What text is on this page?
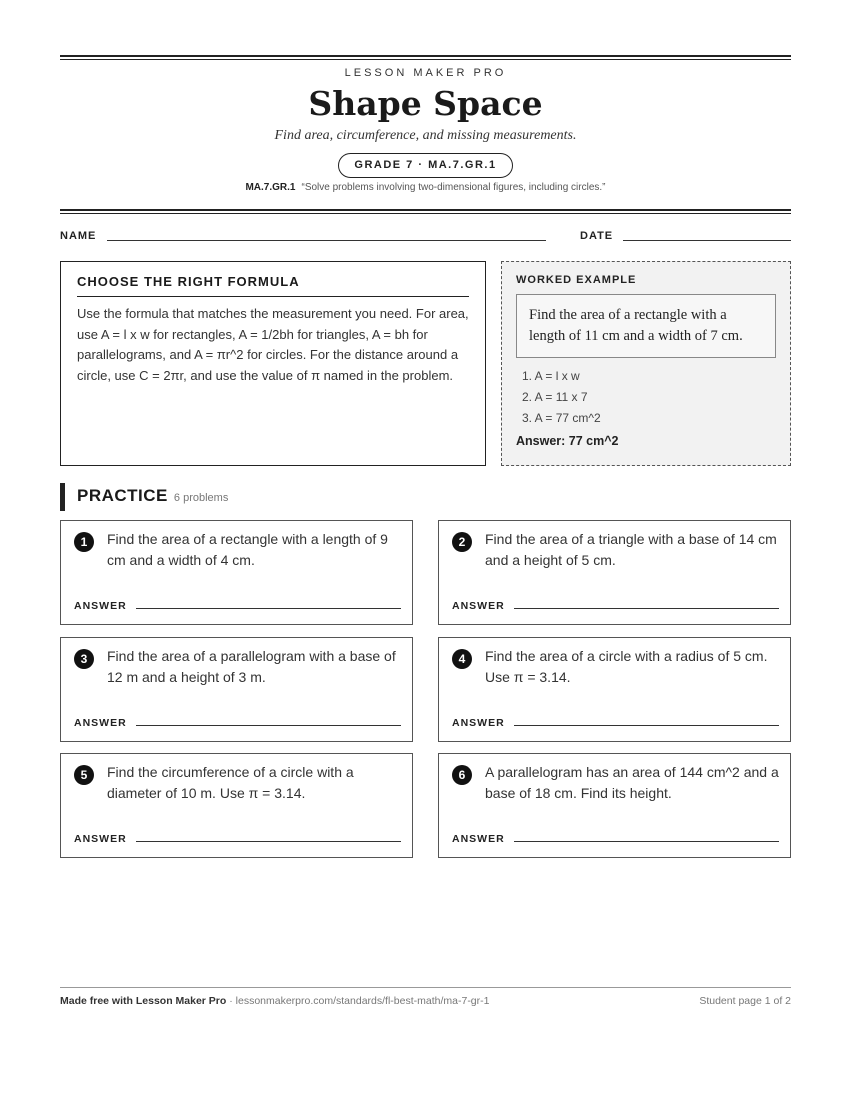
LESSON MAKER PRO
Shape Space
Find area, circumference, and missing measurements.
GRADE 7 · MA.7.GR.1
MA.7.GR.1 “Solve problems involving two-dimensional figures, including circles.”
NAME	DATE
CHOOSE THE RIGHT FORMULA
Use the formula that matches the measurement you need. For area, use A = l x w for rectangles, A = 1/2bh for triangles, A = bh for parallelograms, and A = πr^2 for circles. For the distance around a circle, use C = 2πr, and use the value of π named in the problem.
WORKED EXAMPLE
Find the area of a rectangle with a length of 11 cm and a width of 7 cm.
1. A = l x w
2. A = 11 x 7
3. A = 77 cm^2
Answer: 77 cm^2
PRACTICE 6 problems
1	Find the area of a rectangle with a length of 9 cm and a width of 4 cm.
ANSWER
2	Find the area of a triangle with a base of 14 cm and a height of 5 cm.
ANSWER
3	Find the area of a parallelogram with a base of 12 m and a height of 3 m.
ANSWER
4	Find the area of a circle with a radius of 5 cm. Use π = 3.14.
ANSWER
5	Find the circumference of a circle with a diameter of 10 m. Use π = 3.14.
ANSWER
6	A parallelogram has an area of 144 cm^2 and a base of 18 cm. Find its height.
ANSWER
Made free with Lesson Maker Pro · lessonmakerpro.com/standards/fl-best-math/ma-7-gr-1	Student page 1 of 2
